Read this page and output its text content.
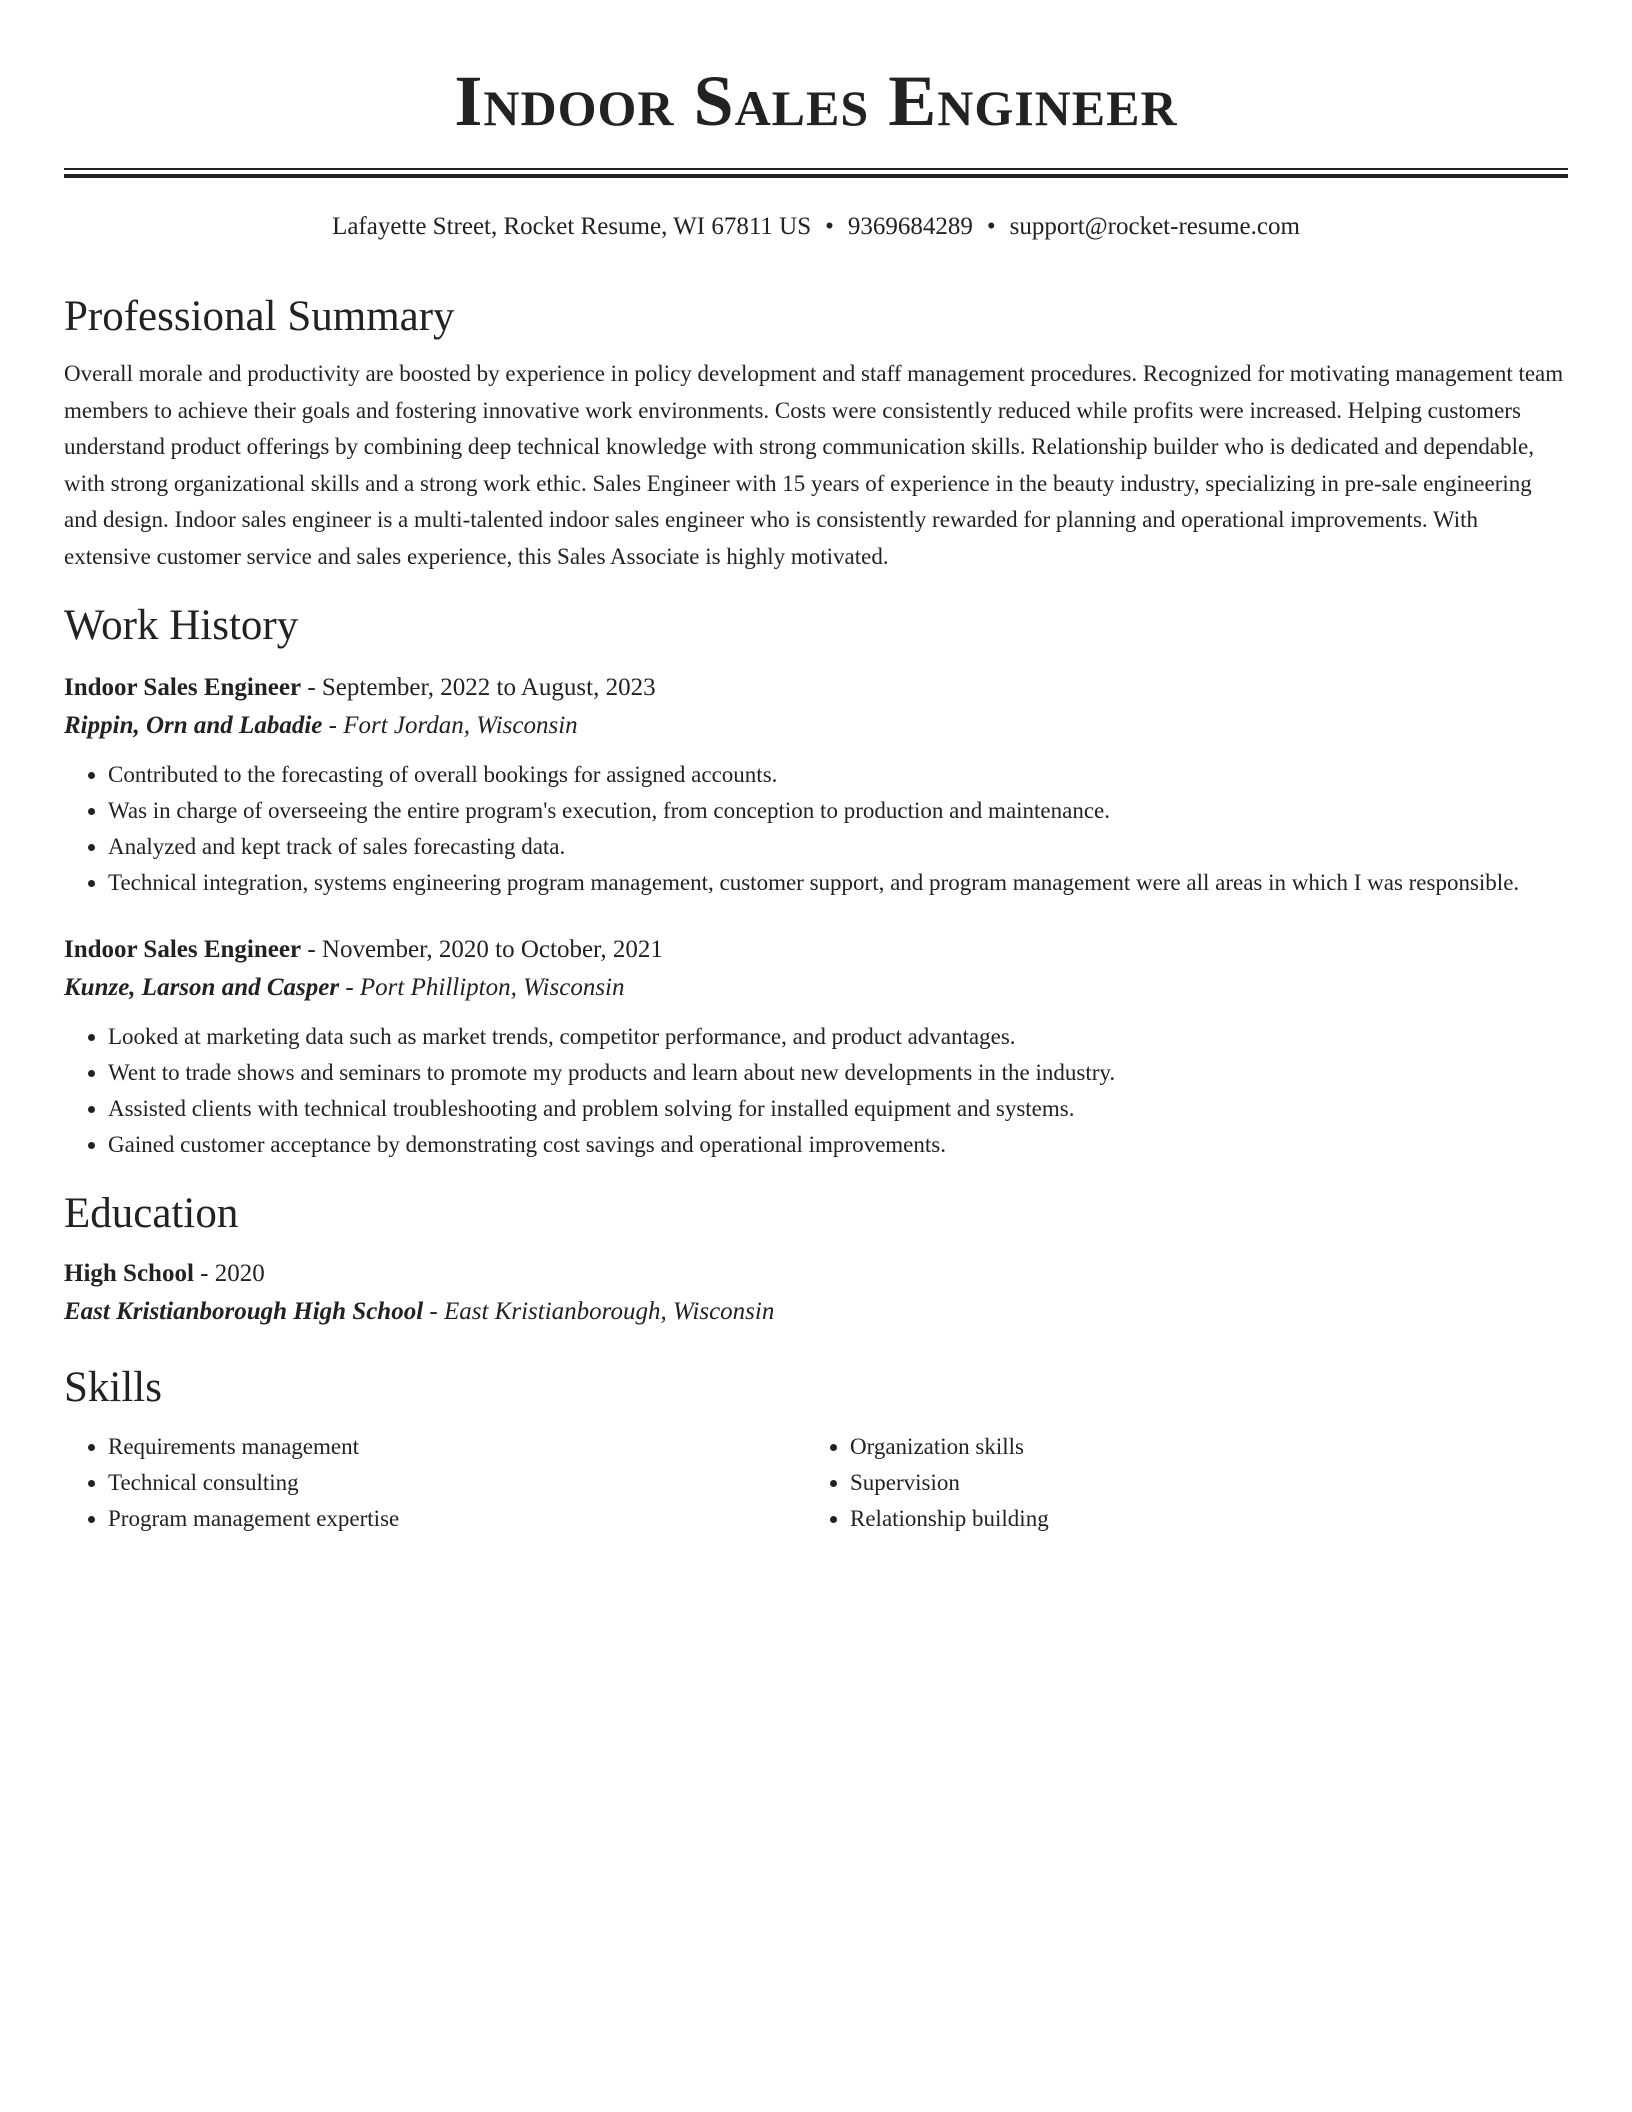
Indoor Sales Engineer
Lafayette Street, Rocket Resume, WI 67811 US • 9369684289 • support@rocket-resume.com
Professional Summary

Overall morale and productivity are boosted by experience in policy development and staff management procedures. Recognized for motivating management team members to achieve their goals and fostering innovative work environments. Costs were consistently reduced while profits were increased. Helping customers understand product offerings by combining deep technical knowledge with strong communication skills. Relationship builder who is dedicated and dependable, with strong organizational skills and a strong work ethic. Sales Engineer with 15 years of experience in the beauty industry, specializing in pre-sale engineering and design. Indoor sales engineer is a multi-talented indoor sales engineer who is consistently rewarded for planning and operational improvements. With extensive customer service and sales experience, this Sales Associate is highly motivated.

Work History
Indoor Sales Engineer - September, 2022 to August, 2023
Rippin, Orn and Labadie - Fort Jordan, Wisconsin
• Contributed to the forecasting of overall bookings for assigned accounts.
• Was in charge of overseeing the entire program's execution, from conception to production and maintenance.
• Analyzed and kept track of sales forecasting data.
• Technical integration, systems engineering program management, customer support, and program management were all areas in which I was responsible.
Indoor Sales Engineer - November, 2020 to October, 2021
Kunze, Larson and Casper - Port Phillipton, Wisconsin
• Looked at marketing data such as market trends, competitor performance, and product advantages.
• Went to trade shows and seminars to promote my products and learn about new developments in the industry.
• Assisted clients with technical troubleshooting and problem solving for installed equipment and systems.
• Gained customer acceptance by demonstrating cost savings and operational improvements.
Education
High School - 2020
East Kristianborough High School - East Kristianborough, Wisconsin
Skills
• Requirements management
• Technical consulting
• Program management expertise
• Organization skills
• Supervision
• Relationship building
